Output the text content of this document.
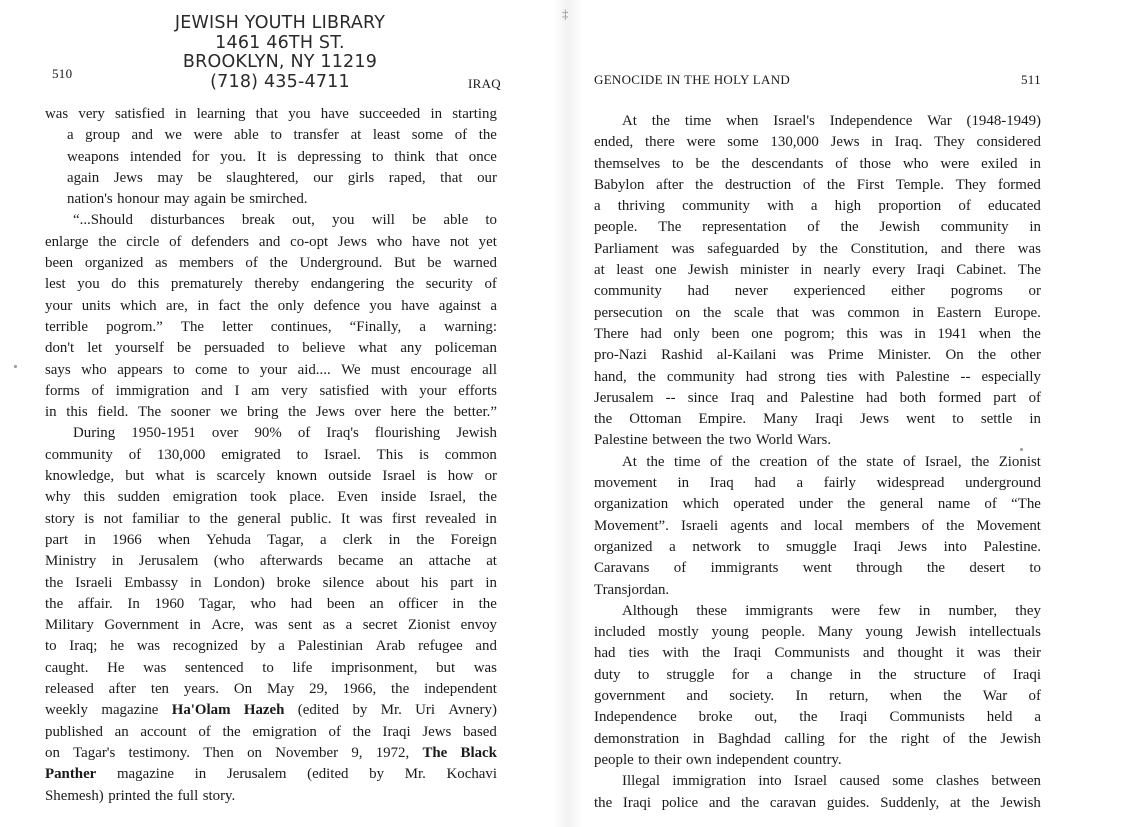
‡
JEWISH YOUTH LIBRARY
1461 46TH ST.
BROOKLYN, NY 11219
(718) 435-4711
510
IRAQ	511
GENOCIDE IN THE HOLY LAND
was very satisfied in learning that you have succeeded in starting
a group and we were able to transfer at least some of the
weapons intended for you. It is depressing to think that once
again Jews may be slaughtered, our girls raped, that our
nation's honour may again be smirched.
“...Should disturbances break out, you will be able to
enlarge the circle of defenders and co-opt Jews who have not yet
been organized as members of the Underground. But be warned
lest you do this prematurely thereby endangering the security of
your units which are, in fact the only defence you have against a
terrible pogrom.” The letter continues, “Finally, a warning:
don't let yourself be persuaded to believe what any policeman
says who appears to come to your aid.... We must encourage all
forms of immigration and I am very satisfied with your efforts
in this field. The sooner we bring the Jews over here the better.”
During 1950-1951 over 90% of Iraq's flourishing Jewish
community of 130,000 emigrated to Israel. This is common
knowledge, but what is scarcely known outside Israel is how or
why this sudden emigration took place. Even inside Israel, the
story is not familiar to the general public. It was first revealed in
part in 1966 when Yehuda Tagar, a clerk in the Foreign
Ministry in Jerusalem (who afterwards became an attache at
the Israeli Embassy in London) broke silence about his part in
the affair. In 1960 Tagar, who had been an officer in the
Military Government in Acre, was sent as a secret Zionist envoy
to Iraq; he was recognized by a Palestinian Arab refugee and
caught. He was sentenced to life imprisonment, but was
released after ten years. On May 29, 1966, the independent
weekly magazine Ha'Olam Hazeh (edited by Mr. Uri Avnery)
published an account of the emigration of the Iraqi Jews based
on Tagar's testimony. Then on November 9, 1972, The Black
Panther magazine in Jerusalem (edited by Mr. Kochavi
Shemesh) printed the full story.
At the time when Israel's Independence War (1948-1949)
ended, there were some 130,000 Jews in Iraq. They considered
themselves to be the descendants of those who were exiled in
Babylon after the destruction of the First Temple. They formed
a thriving community with a high proportion of educated
people. The representation of the Jewish community in
Parliament was safeguarded by the Constitution, and there was
at least one Jewish minister in nearly every Iraqi Cabinet. The
community had never experienced either pogroms or
persecution on the scale that was common in Eastern Europe.
There had only been one pogrom; this was in 1941 when the
pro-Nazi Rashid al-Kailani was Prime Minister. On the other
hand, the community had strong ties with Palestine -- especially
Jerusalem -- since Iraq and Palestine had both formed part of
the Ottoman Empire. Many Iraqi Jews went to settle in
Palestine between the two World Wars.
At the time of the creation of the state of Israel, the Zionist
movement in Iraq had a fairly widespread underground
organization which operated under the general name of “The
Movement”. Israeli agents and local members of the Movement
organized a network to smuggle Iraqi Jews into Palestine.
Caravans of immigrants went through the desert to
Transjordan.
Although these immigrants were few in number, they
included mostly young people. Many young Jewish intellectuals
had ties with the Iraqi Communists and thought it was their
duty to struggle for a change in the structure of Iraqi
government and society. In return, when the War of
Independence broke out, the Iraqi Communists held a
demonstration in Baghdad calling for the right of the Jewish
people to their own independent country.
Illegal immigration into Israel caused some clashes between
the Iraqi police and the caravan guides. Suddenly, at the Jewish
